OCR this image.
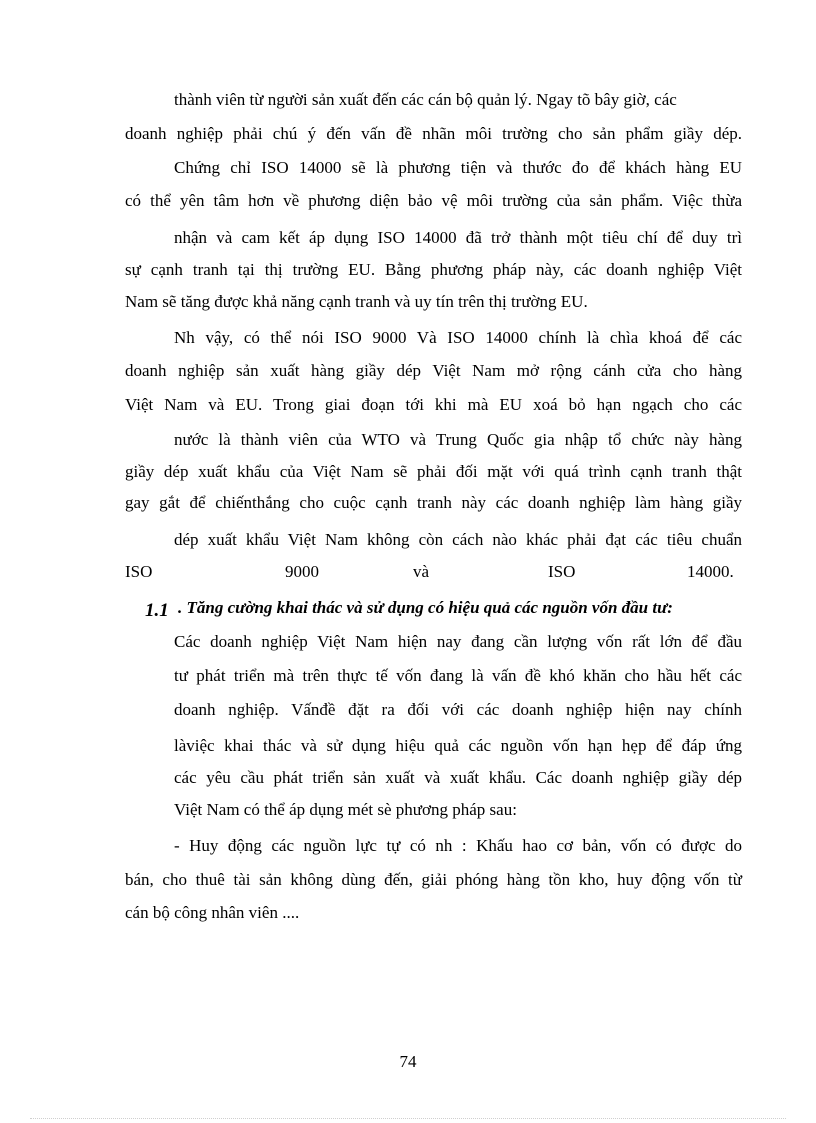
thành viên từ người sản xuất đến các cán bộ quản lý. Ngay tõ bây giờ, các
doanh nghiệp phải chú ý đến vấn đề nhãn môi trường cho sản phẩm giầy dép.
Chứng chỉ ISO 14000 sẽ là phương tiện và thước đo để khách hàng EU
có thể yên tâm hơn về phương diện bảo vệ môi trường của sản phẩm. Việc thừa
nhận và cam kết áp dụng ISO 14000 đã trở thành một tiêu chí để duy trì
sự cạnh tranh tại thị trường EU. Bằng phương pháp này, các doanh nghiệp Việt
Nam sẽ tăng được khả năng cạnh tranh và uy tín trên thị trường EU.
Nh vậy, có thể nói ISO 9000 Và ISO 14000 chính là chìa khoá để các
doanh nghiệp sản xuất hàng giầy dép Việt Nam mở rộng cánh cửa cho hàng
Việt Nam và EU. Trong giai đoạn tới khi mà EU xoá bỏ hạn ngạch cho các
nước là thành viên của WTO và Trung Quốc gia nhập tổ chức này hàng
giầy dép xuất khẩu của Việt Nam sẽ phải đối mặt với quá trình cạnh tranh thật
gay gắt để chiếnthắng cho cuộc cạnh tranh này các doanh nghiệp làm hàng giầy
dép xuất khẩu Việt Nam không còn cách nào khác phải đạt các tiêu chuẩn
ISO	9000	và	ISO	14000.
1.1 . Tăng cường khai thác và sử dụng có hiệu quả các nguồn vốn đầu tư:
Các doanh nghiệp Việt Nam hiện nay đang cần lượng vốn rất lớn để đầu
tư phát triển mà trên thực tế vốn đang là vấn đề khó khăn cho hầu hết các
doanh nghiệp. Vấnđề đặt ra đối với các doanh nghiệp hiện nay chính
làviệc khai thác và sử dụng hiệu quả các nguồn vốn hạn hẹp để đáp ứng
các yêu cầu phát triển sản xuất và xuất khẩu. Các doanh nghiệp giầy dép
Việt Nam có thể áp dụng mét sè phương pháp sau:
- Huy động các nguồn lực tự có nh : Khấu hao cơ bản, vốn có được do
bán, cho thuê tài sản không dùng đến, giải phóng hàng tồn kho, huy động vốn từ
cán bộ công nhân viên ....
74
